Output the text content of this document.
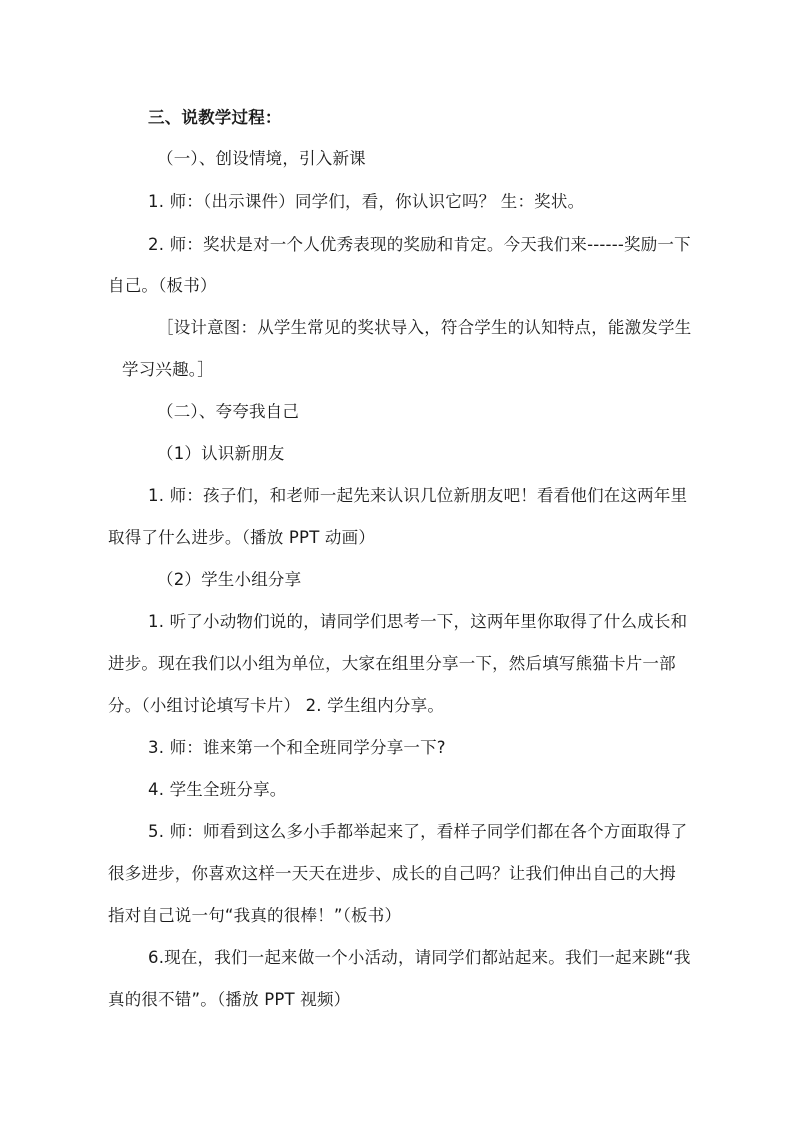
三、说教学过程：
（一）、创设情境，引入新课
1. 师：（出示课件）同学们，看，你认识它吗？ 生：奖状。
2. 师：奖状是对一个人优秀表现的奖励和肯定。今天我们来------奖励一下
自己。（板书）
［设计意图：从学生常见的奖状导入，符合学生的认知特点，能激发学生
学习兴趣。］
（二）、夸夸我自己
（1）认识新朋友
1. 师：孩子们，和老师一起先来认识几位新朋友吧！看看他们在这两年里
取得了什么进步。（播放 PPT 动画）
（2）学生小组分享
1. 听了小动物们说的，请同学们思考一下，这两年里你取得了什么成长和
进步。现在我们以小组为单位，大家在组里分享一下，然后填写熊猫卡片一部
分。（小组讨论填写卡片） 2. 学生组内分享。
3. 师：谁来第一个和全班同学分享一下?
4. 学生全班分享。
5. 师：师看到这么多小手都举起来了，看样子同学们都在各个方面取得了
很多进步，你喜欢这样一天天在进步、成长的自己吗？让我们伸出自己的大拇
指对自己说一句“我真的很棒！”（板书）
6.现在，我们一起来做一个小活动，请同学们都站起来。我们一起来跳“我
真的很不错”。（播放 PPT 视频）
